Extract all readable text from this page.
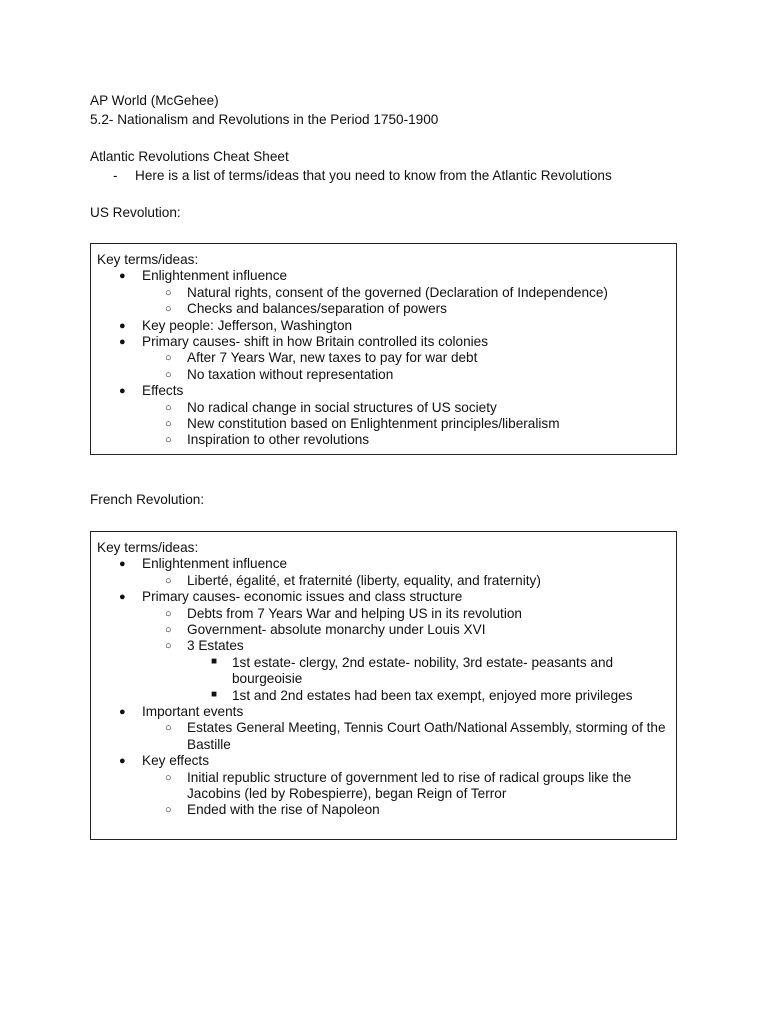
AP World (McGehee)
5.2- Nationalism and Revolutions in the Period 1750-1900
Atlantic Revolutions Cheat Sheet
- Here is a list of terms/ideas that you need to know from the Atlantic Revolutions
US Revolution:
Key terms/ideas:
● Enlightenment influence
○ Natural rights, consent of the governed (Declaration of Independence)
○ Checks and balances/separation of powers
● Key people: Jefferson, Washington
● Primary causes- shift in how Britain controlled its colonies
○ After 7 Years War, new taxes to pay for war debt
○ No taxation without representation
● Effects
○ No radical change in social structures of US society
○ New constitution based on Enlightenment principles/liberalism
○ Inspiration to other revolutions
French Revolution:
Key terms/ideas:
● Enlightenment influence
○ Liberté, égalité, et fraternité (liberty, equality, and fraternity)
● Primary causes- economic issues and class structure
○ Debts from 7 Years War and helping US in its revolution
○ Government- absolute monarchy under Louis XVI
○ 3 Estates
■ 1st estate- clergy, 2nd estate- nobility, 3rd estate- peasants and bourgeoisie
■ 1st and 2nd estates had been tax exempt, enjoyed more privileges
● Important events
○ Estates General Meeting, Tennis Court Oath/National Assembly, storming of the Bastille
● Key effects
○ Initial republic structure of government led to rise of radical groups like the Jacobins (led by Robespierre), began Reign of Terror
○ Ended with the rise of Napoleon
